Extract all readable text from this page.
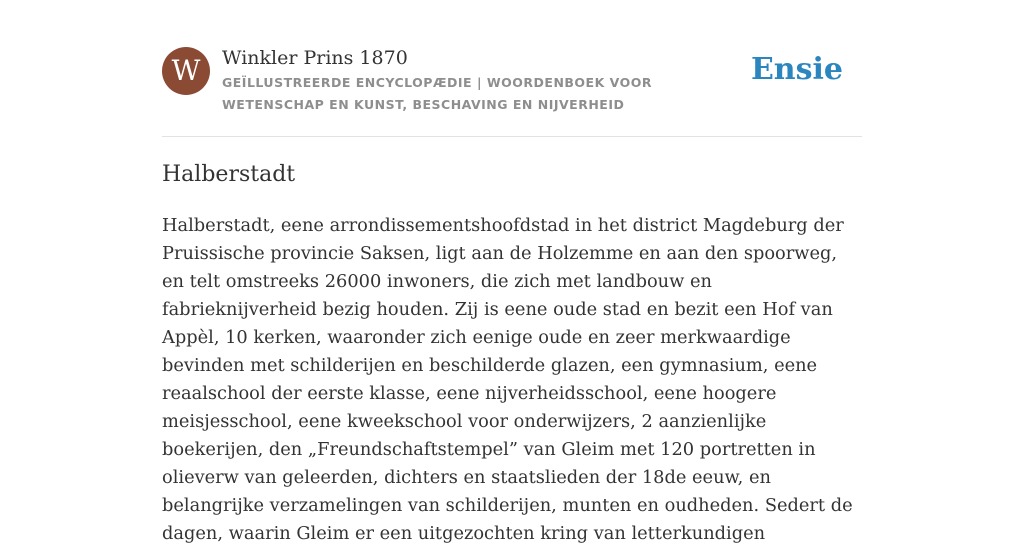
W	Winkler Prins 1870
GEÏLLUSTREERDE ENCYCLOPÆDIE | WOORDENBOEK VOOR WETENSCHAP EN KUNST, BESCHAVING EN NIJVERHEID
Ensie
Halberstadt

Halberstadt, eene arrondissementshoofdstad in het district Magdeburg der Pruissische provincie Saksen, ligt aan de Holzemme en aan den spoorweg, en telt omstreeks 26000 inwoners, die zich met landbouw en fabrieknijverheid bezig houden. Zij is eene oude stad en bezit een Hof van Appèl, 10 kerken, waaronder zich eenige oude en zeer merkwaardige bevinden met schilderijen en beschilderde glazen, een gymnasium, eene reaalschool der eerste klasse, eene nijverheidsschool, eene hoogere meisjesschool, eene kweekschool voor onderwijzers, 2 aanzienlijke boekerijen, den „Freundschaftstempel” van Gleim met 120 portretten in olieverw van geleerden, dichters en staatslieden der 18de eeuw, en belangrijke verzamelingen van schilderijen, munten en oudheden. Sedert de dagen, waarin Gleim er een uitgezochten kring van letterkundigen
